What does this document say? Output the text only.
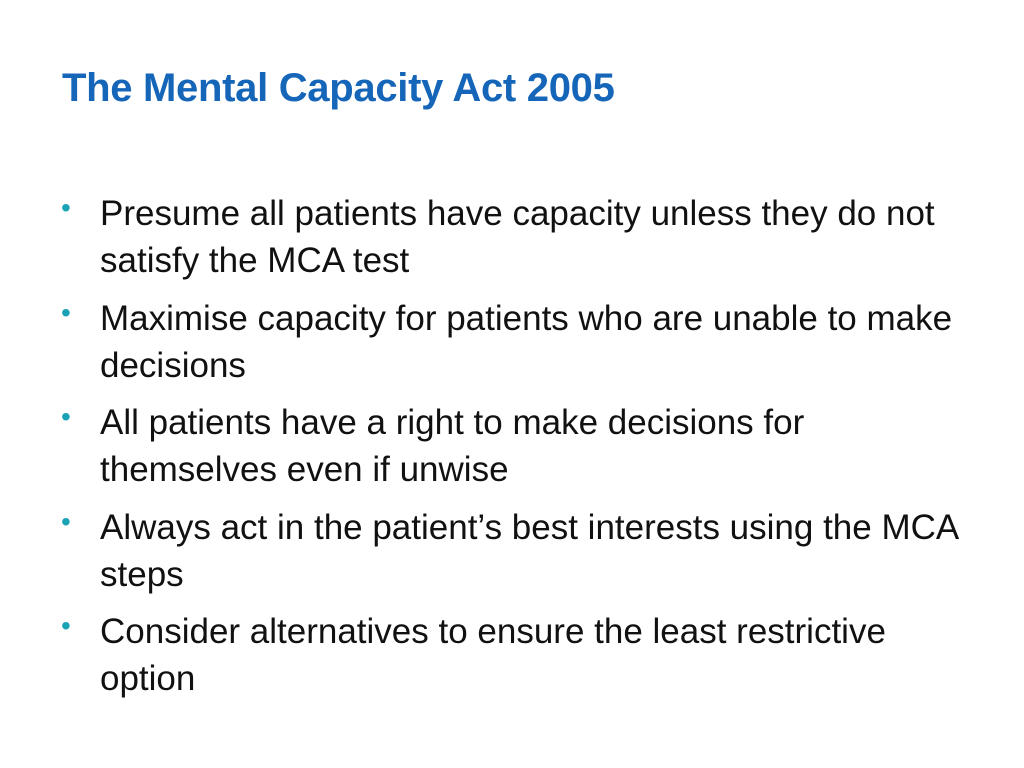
The Mental Capacity Act 2005
• Presume all patients have capacity unless they do not satisfy the MCA test
• Maximise capacity for patients who are unable to make decisions
• All patients have a right to make decisions for themselves even if unwise
• Always act in the patient’s best interests using the MCA steps
• Consider alternatives to ensure the least restrictive option
